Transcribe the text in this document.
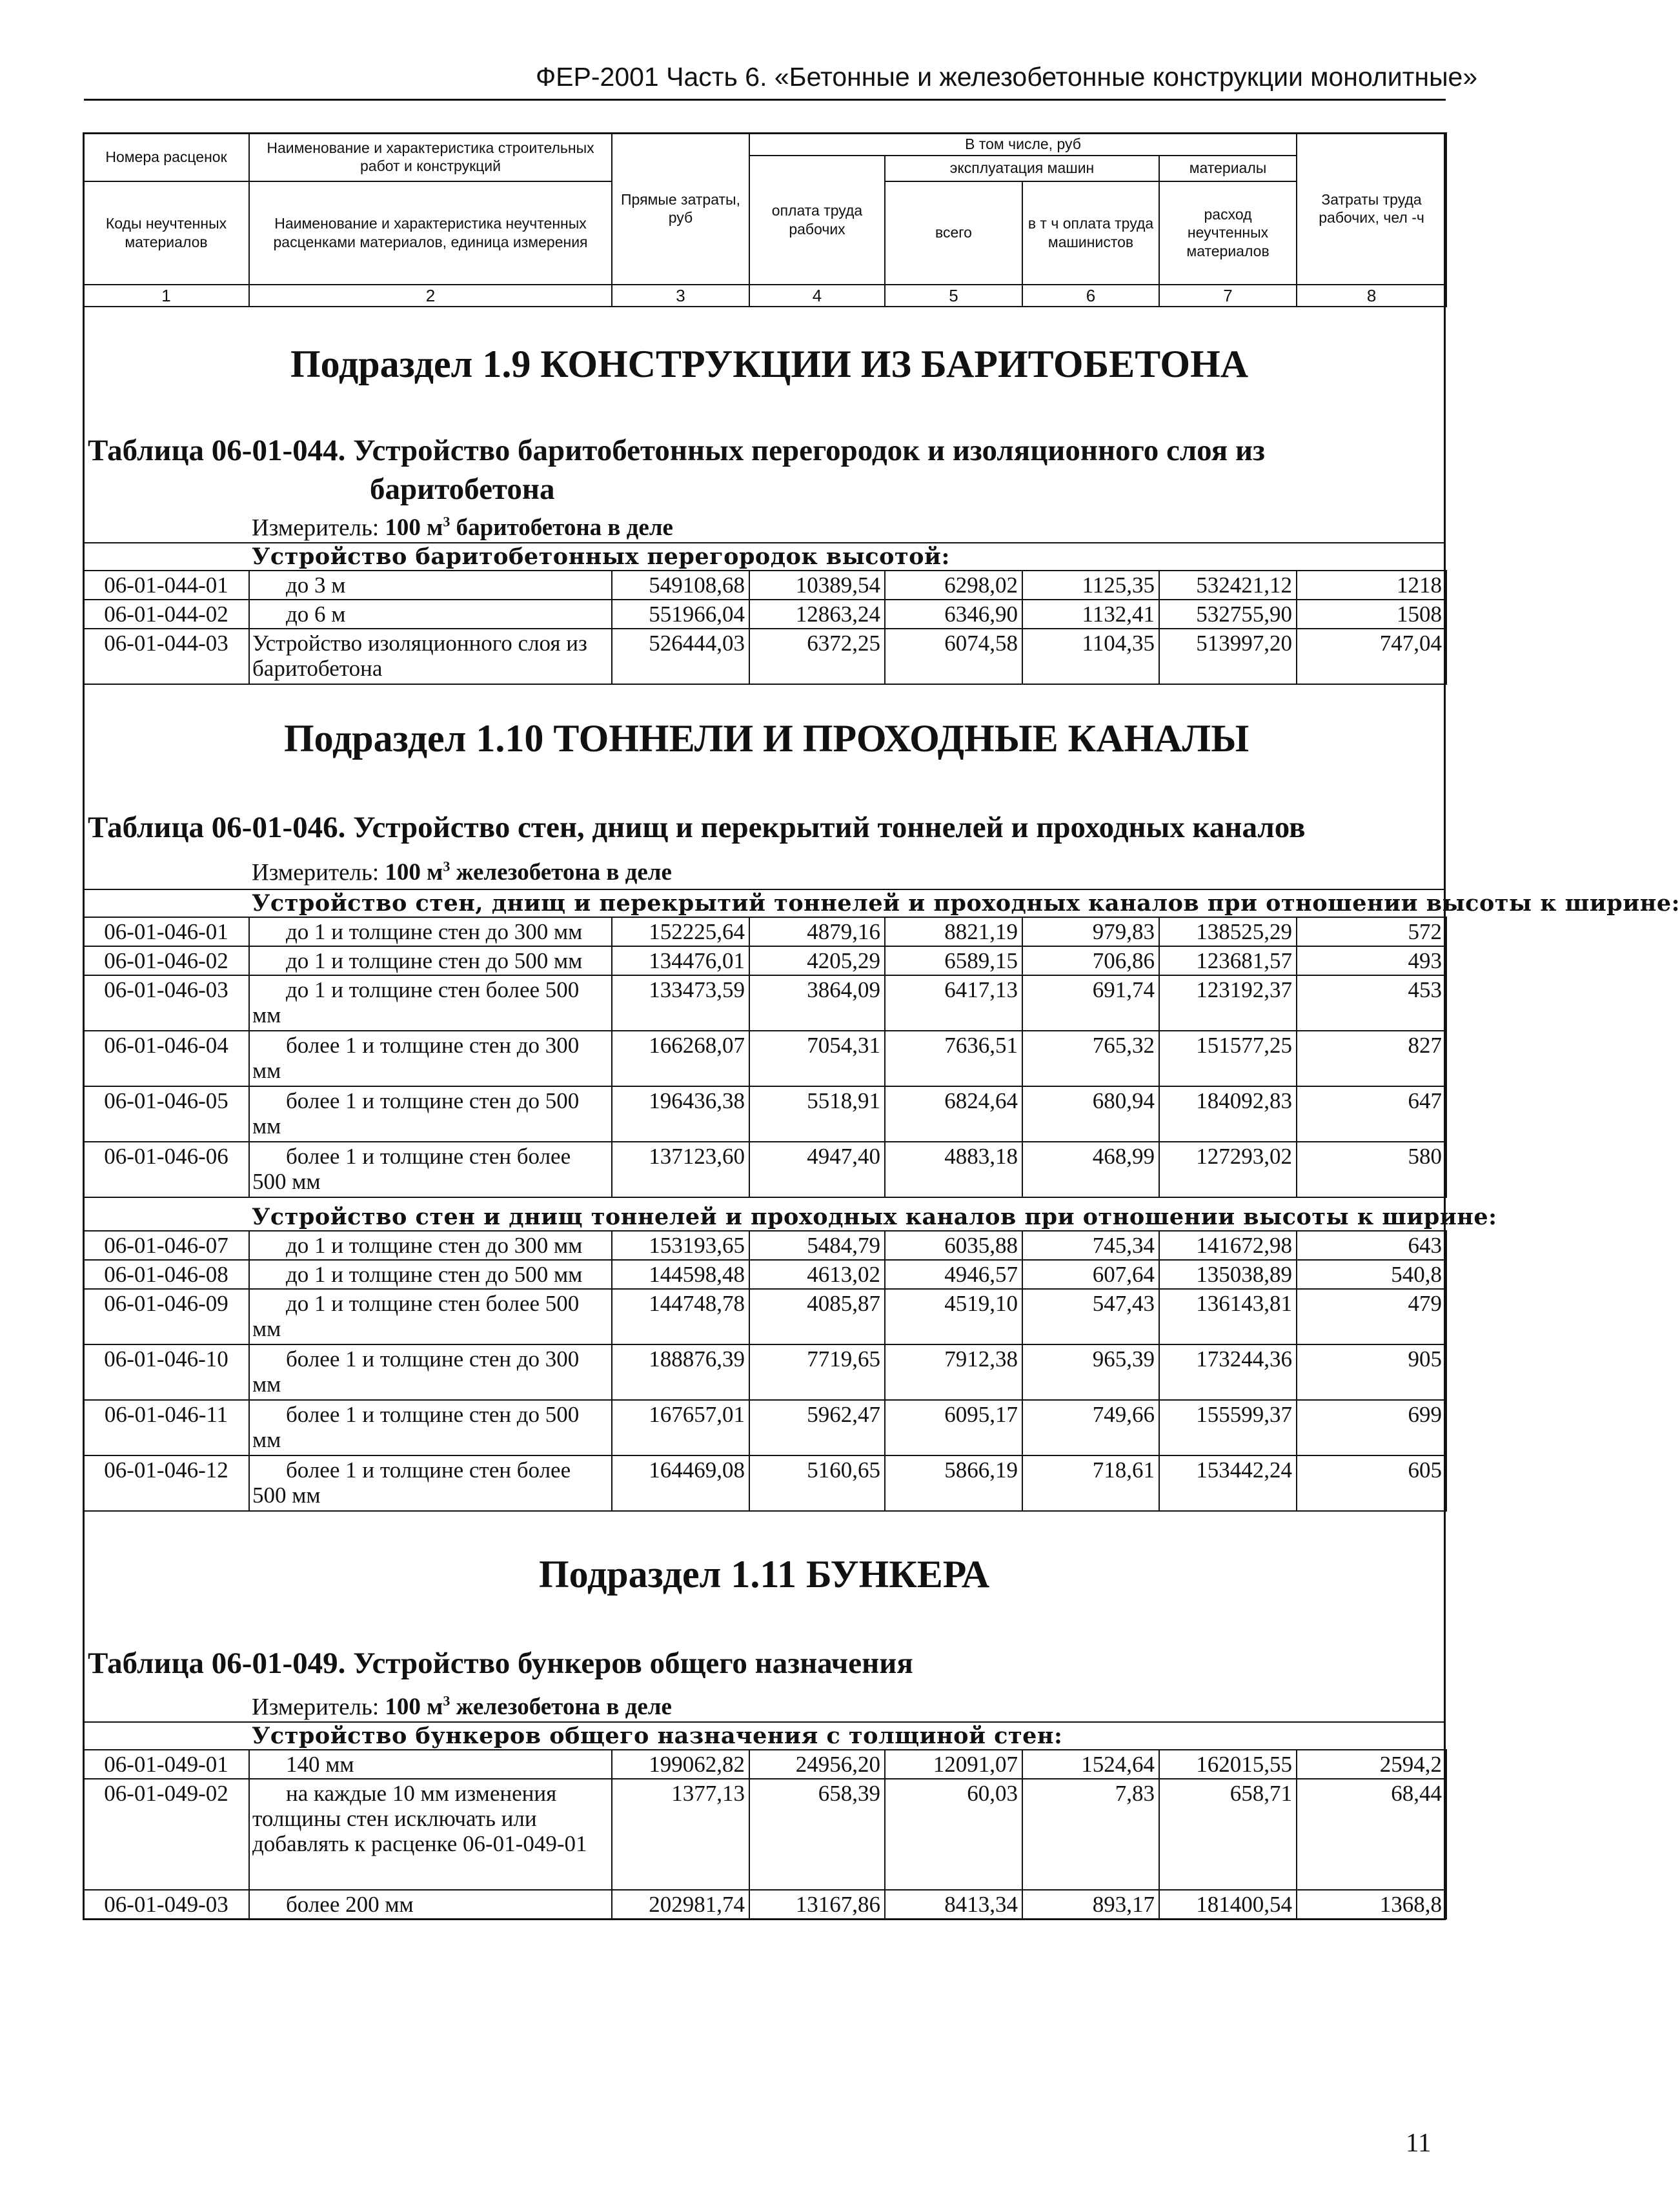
ФЕР-2001 Часть 6. «Бетонные и железобетонные конструкции монолитные»
Номера расценок	Наименование и характеристика строительных работ и конструкций	Прямые затраты, руб	В том числе, руб				Затраты труда рабочих, чел -ч
			оплата труда рабочих	эксплуатация машин		материалы	
Коды неучтенных материалов	Наименование и характеристика неучтенных расценками материалов, единица измерения			всего	в т ч оплата труда машинистов	расход неучтенных материалов	

1	2	3	4	5	6	7	8
Подраздел 1.9 КОНСТРУКЦИИ ИЗ БАРИТОБЕТОНА
Таблица 06-01-044. Устройство баритобетонных перегородок и изоляционного слоя из
баритобетона
Измеритель: 100 $м^3$ баритобетона в деле
Устройство баритобетонных перегородок высотой:
06-01-044-01	до 3 м	549108,68	10389,54	6298,02	1125,35	532421,12	1218
06-01-044-02	до 6 м	551966,04	12863,24	6346,90	1132,41	532755,90	1508
06-01-044-03	Устройство изоляционного слоя из баритобетона	526444,03	6372,25	6074,58	1104,35	513997,20	747,04
Подраздел 1.10 ТОННЕЛИ И ПРОХОДНЫЕ КАНАЛЫ
Таблица 06-01-046. Устройство стен, днищ и перекрытий тоннелей и проходных каналов
Измеритель: 100 $м^3$ железобетона в деле
Устройство стен, днищ и перекрытий тоннелей и проходных каналов при отношении высоты к ширине:
06-01-046-01	до 1 и толщине стен до 300 мм	152225,64	4879,16	8821,19	979,83	138525,29	572
06-01-046-02	до 1 и толщине стен до 500 мм	134476,01	4205,29	6589,15	706,86	123681,57	493
06-01-046-03	до 1 и толщине стен более 500 мм	133473,59	3864,09	6417,13	691,74	123192,37	453
06-01-046-04	более 1 и толщине стен до 300 мм	166268,07	7054,31	7636,51	765,32	151577,25	827
06-01-046-05	более 1 и толщине стен до 500 мм	196436,38	5518,91	6824,64	680,94	184092,83	647
06-01-046-06	более 1 и толщине стен более 500 мм	137123,60	4947,40	4883,18	468,99	127293,02	580
Устройство стен и днищ тоннелей и проходных каналов при отношении высоты к ширине:
06-01-046-07	до 1 и толщине стен до 300 мм	153193,65	5484,79	6035,88	745,34	141672,98	643
06-01-046-08	до 1 и толщине стен до 500 мм	144598,48	4613,02	4946,57	607,64	135038,89	540,8
06-01-046-09	до 1 и толщине стен более 500 мм	144748,78	4085,87	4519,10	547,43	136143,81	479
06-01-046-10	более 1 и толщине стен до 300 мм	188876,39	7719,65	7912,38	965,39	173244,36	905
06-01-046-11	более 1 и толщине стен до 500 мм	167657,01	5962,47	6095,17	749,66	155599,37	699
06-01-046-12	более 1 и толщине стен более 500 мм	164469,08	5160,65	5866,19	718,61	153442,24	605
Подраздел 1.11 БУНКЕРА
Таблица 06-01-049. Устройство бункеров общего назначения
Измеритель: 100 $м^3$ железобетона в деле
Устройство бункеров общего назначения с толщиной стен:
06-01-049-01	140 мм	199062,82	24956,20	12091,07	1524,64	162015,55	2594,2
06-01-049-02	на каждые 10 мм изменения толщины стен исключать или добавлять к расценке 06-01-049-01	1377,13	658,39	60,03	7,83	658,71	68,44
06-01-049-03	более 200 мм	202981,74	13167,86	8413,34	893,17	181400,54	1368,8
11
